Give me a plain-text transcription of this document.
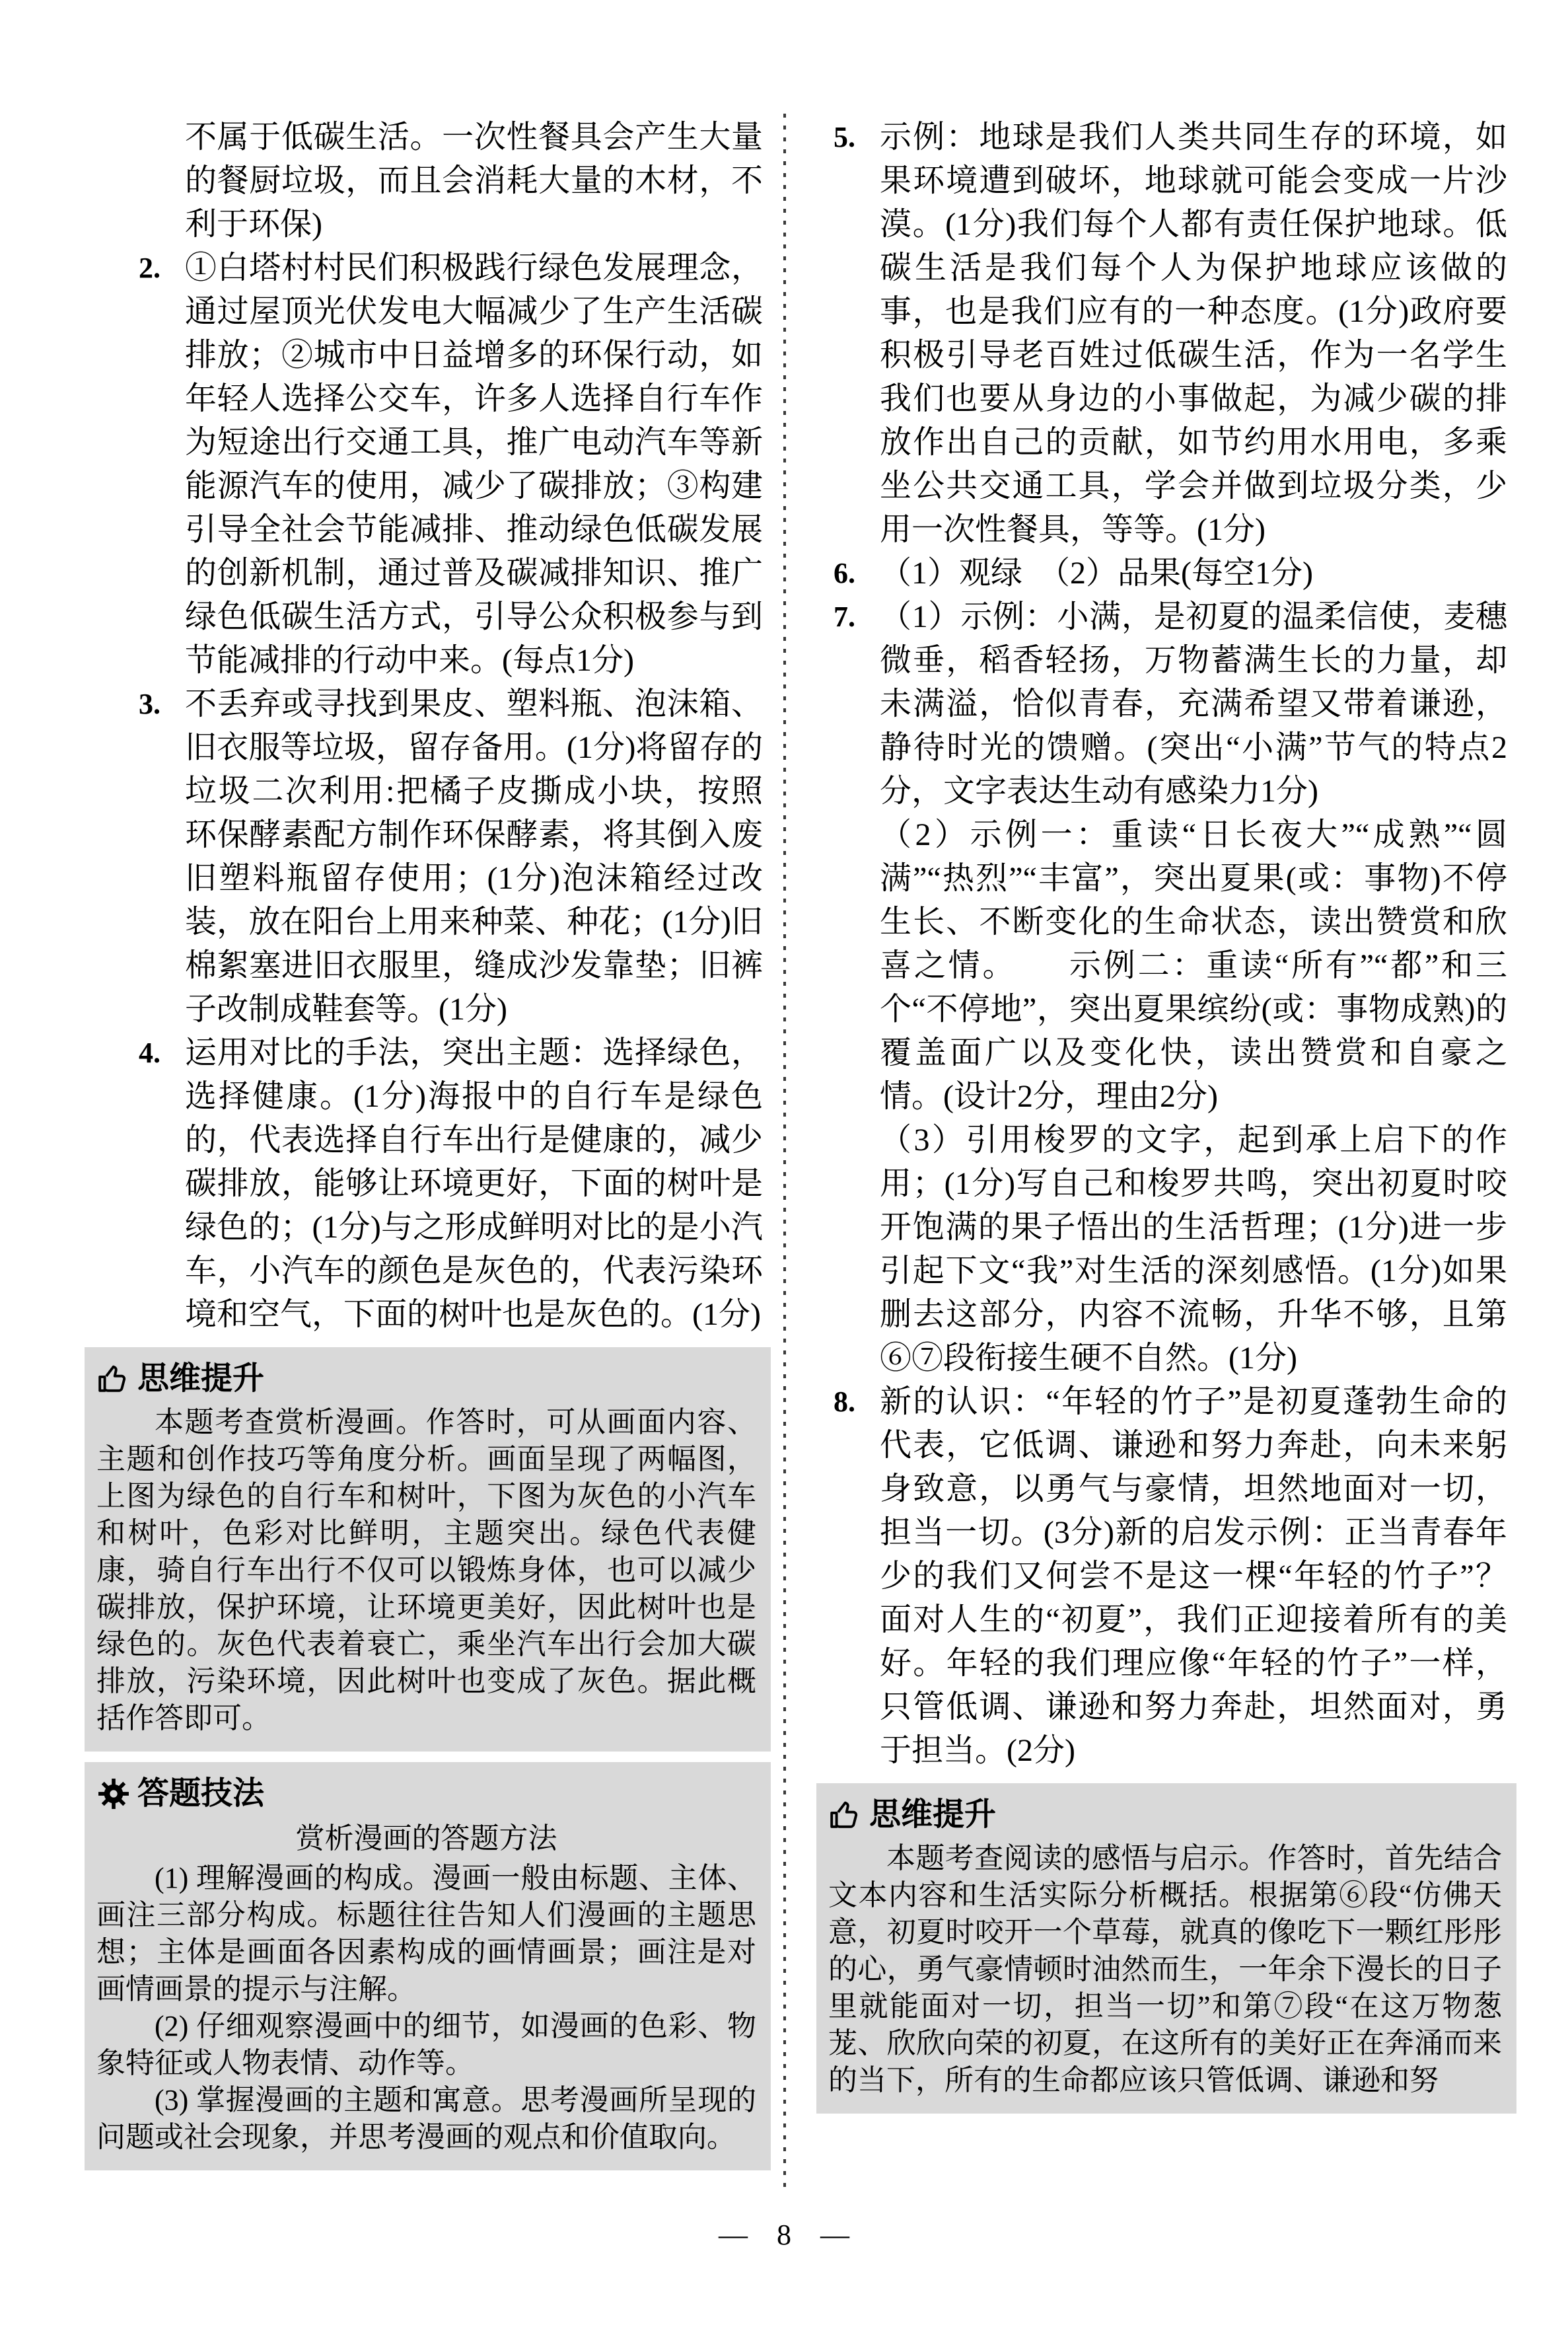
不属于低碳生活。一次性餐具会产生大量的餐厨垃圾，而且会消耗大量的木材，不利于环保)
2. ①白塔村村民们积极践行绿色发展理念，通过屋顶光伏发电大幅减少了生产生活碳排放；②城市中日益增多的环保行动，如年轻人选择公交车，许多人选择自行车作为短途出行交通工具，推广电动汽车等新能源汽车的使用，减少了碳排放；③构建引导全社会节能减排、推动绿色低碳发展的创新机制，通过普及碳减排知识、推广绿色低碳生活方式，引导公众积极参与到节能减排的行动中来。(每点1分)
3. 不丢弃或寻找到果皮、塑料瓶、泡沫箱、旧衣服等垃圾，留存备用。(1分)将留存的垃圾二次利用:把橘子皮撕成小块，按照环保酵素配方制作环保酵素，将其倒入废旧塑料瓶留存使用；(1分)泡沫箱经过改装，放在阳台上用来种菜、种花；(1分)旧棉絮塞进旧衣服里，缝成沙发靠垫；旧裤子改制成鞋套等。(1分)
4. 运用对比的手法，突出主题：选择绿色，选择健康。(1分)海报中的自行车是绿色的，代表选择自行车出行是健康的，减少碳排放，能够让环境更好，下面的树叶是绿色的；(1分)与之形成鲜明对比的是小汽车，小汽车的颜色是灰色的，代表污染环境和空气，下面的树叶也是灰色的。(1分)
思维提升

本题考查赏析漫画。作答时，可从画面内容、主题和创作技巧等角度分析。画面呈现了两幅图，上图为绿色的自行车和树叶，下图为灰色的小汽车和树叶，色彩对比鲜明，主题突出。绿色代表健康，骑自行车出行不仅可以锻炼身体，也可以减少碳排放，保护环境，让环境更美好，因此树叶也是绿色的。灰色代表着衰亡，乘坐汽车出行会加大碳排放，污染环境，因此树叶也变成了灰色。据此概括作答即可。

答题技法

赏析漫画的答题方法

(1) 理解漫画的构成。漫画一般由标题、主体、画注三部分构成。标题往往告知人们漫画的主题思想；主体是画面各因素构成的画情画景；画注是对画情画景的提示与注解。

(2) 仔细观察漫画中的细节，如漫画的色彩、物象特征或人物表情、动作等。

(3) 掌握漫画的主题和寓意。思考漫画所呈现的问题或社会现象，并思考漫画的观点和价值取向。

5. 示例：地球是我们人类共同生存的环境，如果环境遭到破坏，地球就可能会变成一片沙漠。(1分)我们每个人都有责任保护地球。低碳生活是我们每个人为保护地球应该做的事，也是我们应有的一种态度。(1分)政府要积极引导老百姓过低碳生活，作为一名学生我们也要从身边的小事做起，为减少碳的排放作出自己的贡献，如节约用水用电，多乘坐公共交通工具，学会并做到垃圾分类，少用一次性餐具，等等。(1分)
6. （1）观绿　（2）品果(每空1分)
7. （1）示例：小满，是初夏的温柔信使，麦穗微垂，稻香轻扬，万物蓄满生长的力量，却未满溢，恰似青春，充满希望又带着谦逊，静待时光的馈赠。(突出“小满”节气的特点2分，文字表达生动有感染力1分)

（2）示例一：重读“日长夜大”“成熟”“圆满”“热烈”“丰富”，突出夏果(或：事物)不停生长、不断变化的生命状态，读出赞赏和欣喜之情。　　示例二：重读“所有”“都”和三个“不停地”，突出夏果缤纷(或：事物成熟)的覆盖面广以及变化快，读出赞赏和自豪之情。(设计2分，理由2分)

（3）引用梭罗的文字，起到承上启下的作用；(1分)写自己和梭罗共鸣，突出初夏时咬开饱满的果子悟出的生活哲理；(1分)进一步引起下文“我”对生活的深刻感悟。(1分)如果删去这部分，内容不流畅，升华不够，且第⑥⑦段衔接生硬不自然。(1分)

8. 新的认识：“年轻的竹子”是初夏蓬勃生命的代表，它低调、谦逊和努力奔赴，向未来躬身致意，以勇气与豪情，坦然地面对一切，担当一切。(3分)新的启发示例：正当青春年少的我们又何尝不是这一棵“年轻的竹子”？面对人生的“初夏”，我们正迎接着所有的美好。年轻的我们理应像“年轻的竹子”一样，只管低调、谦逊和努力奔赴，坦然面对，勇于担当。(2分)
思维提升

本题考查阅读的感悟与启示。作答时，首先结合文本内容和生活实际分析概括。根据第⑥段“仿佛天意，初夏时咬开一个草莓，就真的像吃下一颗红彤彤的心，勇气豪情顿时油然而生，一年余下漫长的日子里就能面对一切，担当一切”和第⑦段“在这万物葱茏、欣欣向荣的初夏，在这所有的美好正在奔涌而来的当下，所有的生命都应该只管低调、谦逊和努

—　8　—
